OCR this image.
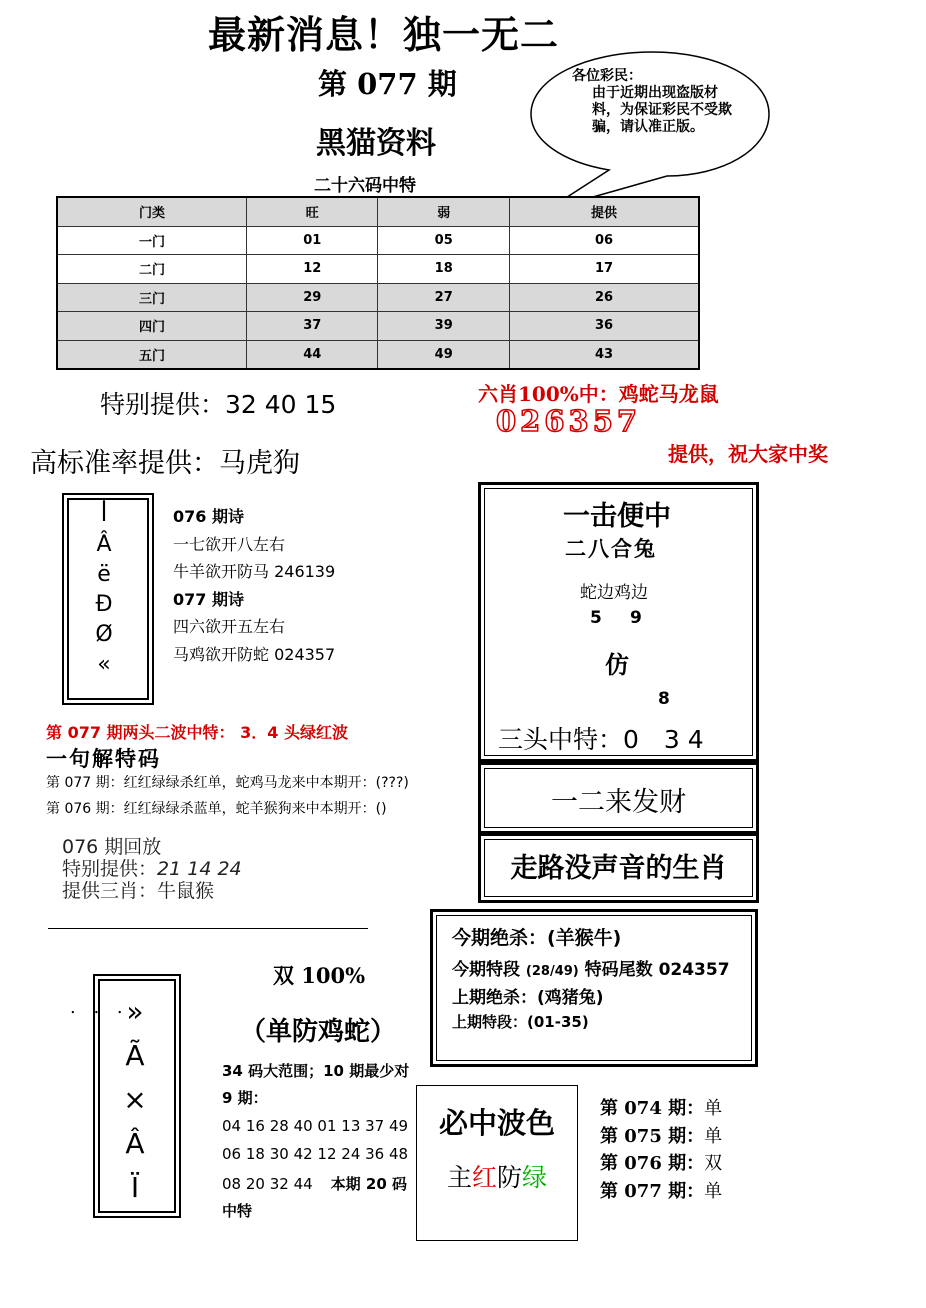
最新消息！独一无二
第 077 期
黑猫资料
二十六码中特
各位彩民：
由于近期出现盗版材料，为保证彩民不受欺骗，请认准正版。
门类	旺	弱	提供
一门	01	05	06
二门	12	18	17
三门	29	27	26
四门	37	39	36
五门	44	49	43
特别提供：32 40 15	六肖100%中：鸡蛇马龙鼠
026357
提供，祝大家中奖
高标准率提供：马虎狗
ꟾ
Â
ë
Ð
Ø
«
076 期诗
一七欲开八左右
牛羊欲开防马 246139
077 期诗
四六欲开五左右
马鸡欲开防蛇 024357
一击便中
二八合兔
蛇边鸡边
5 9
仿
8
三头中特：0　3 4
一二来发财
走路没声音的生肖
第 077 期两头二波中特： 3．4 头绿红波
一句解特码
第 077 期：红红绿绿杀红单，蛇鸡马龙来中本期开：(???)
第 076 期：红红绿绿杀蓝单，蛇羊猴狗来中本期开：()
076 期回放
特别提供：21 14 24
提供三肖：牛鼠猴
今期绝杀：(羊猴牛)
今期特段 (28/49) 特码尾数 024357
上期绝杀：(鸡猪兔)
上期特段：(01-35)
. . .
»
Ã
×
Â
Ï
双 100%
（单防鸡蛇）
34 码大范围；10 期最少对
9 期：
04 16 28 40 01 13 37 49
06 18 30 42 12 24 36 48
08 20 32 44 本期 20 码
中特
必中波色
主红防绿
第 074 期：单
第 075 期：单
第 076 期：双
第 077 期：单
